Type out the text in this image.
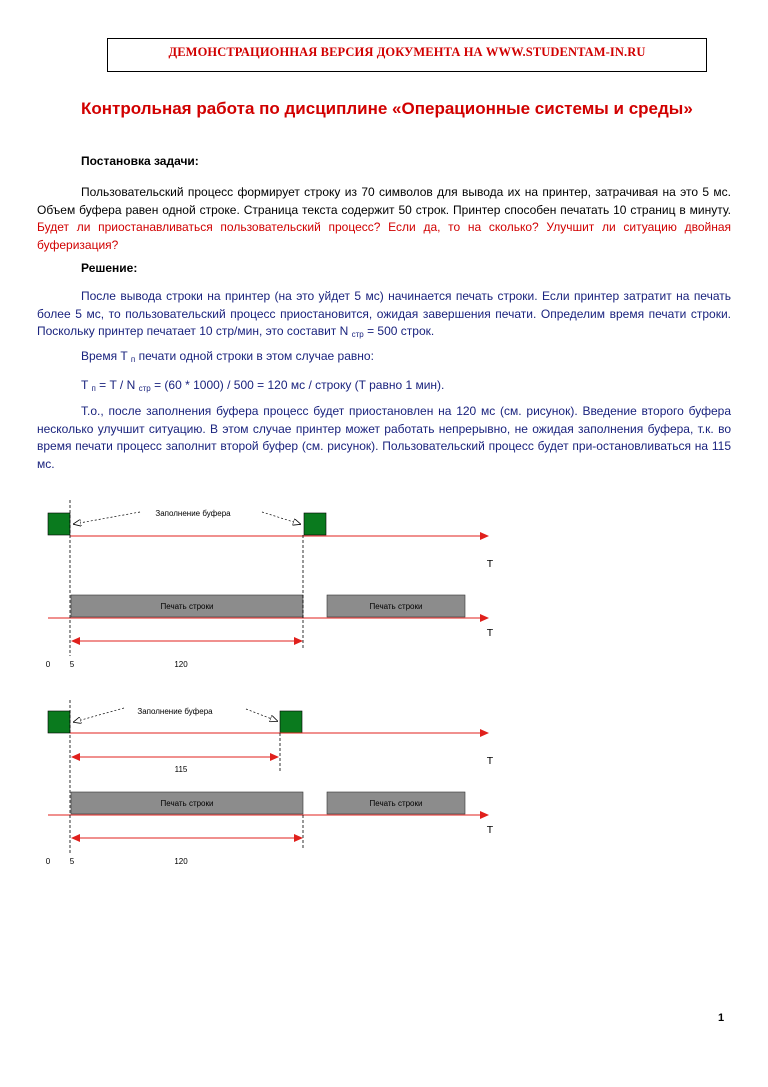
ДЕМОНСТРАЦИОННАЯ ВЕРСИЯ ДОКУМЕНТА НА WWW.STUDENTAM-IN.RU
Контрольная работа по дисциплине «Операционные системы и среды»

Постановка задачи:

Пользовательский процесс формирует строку из 70 символов для вывода их на принтер, затрачивая на это 5 мс. Объем буфера равен одной строке. Страница текста содержит 50 строк. Принтер способен печатать 10 страниц в минуту. Будет ли приостанавливаться пользовательский процесс? Если да, то на сколько? Улучшит ли ситуацию двойная буферизация?

Решение:

После вывода строки на принтер (на это уйдет 5 мс) начинается печать строки. Если принтер затратит на печать более 5 мс, то пользовательский процесс приостановится, ожидая завершения печати. Определим время печати строки. Поскольку принтер печатает 10 стр/мин, это составит N $_{стр}$ = 500 строк.

Время T $_п$ печати одной строки в этом случае равно:

T $_п$ = T / N $_{стр}$ = (60 * 1000) / 500 = 120 мс / строку (T равно 1 мин).

Т.о., после заполнения буфера процесс будет приостановлен на 120 мс (см. рисунок). Введение второго буфера несколько улучшит ситуацию. В этом случае принтер может работать непрерывно, не ожидая заполнения буфера, т.к. во время печати процесс заполнит второй буфер (см. рисунок). Пользовательский процесс будет при-остановливаться на 115 мс.

Заполнение буфера
T
Печать строки	Печать строки
T
0 5	120
Заполнение буфера
115
T
Печать строки	Печать строки
T
0 5	120
1
